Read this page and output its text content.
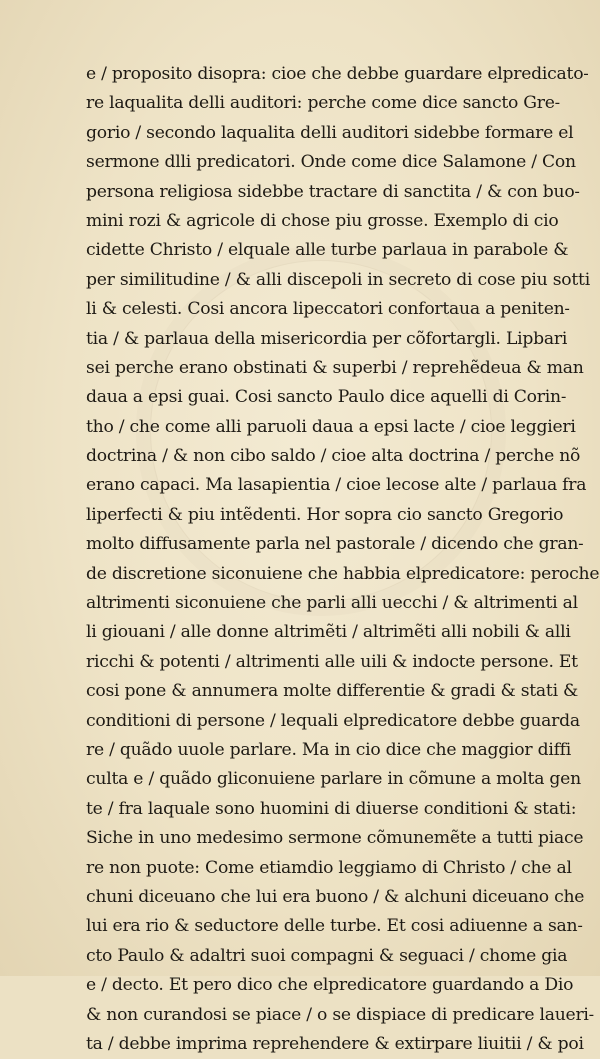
e / proposito disopra: cioe che debbe guardare elpredicato˗
re laqualita delli auditori: perche come dice sancto Gre˗
gorio / secondo laqualita delli auditori sidebbe formare el
sermone dlli predicatori. Onde come dice Salamone / Con
persona religiosa sidebbe tractare di sanctita / & con buo˗
mini rozi & agricole di chose piu grosse. Exemplo di cio
cidette Christo / elquale alle turbe parlaua in parabole &
per similitudine / & alli discepoli in secreto di cose piu sotti
li & celesti. Cosi ancora lipeccatori confortaua a peniten˗
tia / & parlaua della misericordia per cõfortargli. Lipbari
sei perche erano obstinati & superbi / reprehẽdeua & man
daua a epsi guai. Cosi sancto Paulo dice aquelli di Corin˗
tho / che come alli paruoli daua a epsi lacte / cioe leggieri
doctrina / & non cibo saldo / cioe alta doctrina / perche nõ
erano capaci. Ma lasapientia / cioe lecose alte / parlaua fra
liperfecti & piu intẽdenti. Hor sopra cio sancto Gregorio
molto diffusamente parla nel pastorale / dicendo che gran˗
de discretione siconuiene che habbia elpredicatore: peroche
altrimenti siconuiene che parli alli uecchi / & altrimenti al
li giouani / alle donne altrimẽti / altrimẽti alli nobili & alli
ricchi & potenti / altrimenti alle uili & indocte persone. Et
cosi pone & annumera molte differentie & gradi & stati &
conditioni di persone / lequali elpredicatore debbe guarda
re / quãdo uuole parlare. Ma in cio dice che maggior diffi
culta e / quãdo gliconuiene parlare in cõmune a molta gen
te / fra laquale sono huomini di diuerse conditioni & stati:
Siche in uno medesimo sermone cõmunemẽte a tutti piace
re non puote: Come etiamdio leggiamo di Christo / che al
chuni diceuano che lui era buono / & alchuni diceuano che
lui era rio & seductore delle turbe. Et cosi adiuenne a san˗
cto Paulo & adaltri suoi compagni & seguaci / chome gia
e / decto. Et pero dico che elpredicatore guardando a Dio
& non curandosi se piace / o se dispiace di predicare laueri˗
ta / debbe imprima reprehendere & extirpare liuitii / & poi
